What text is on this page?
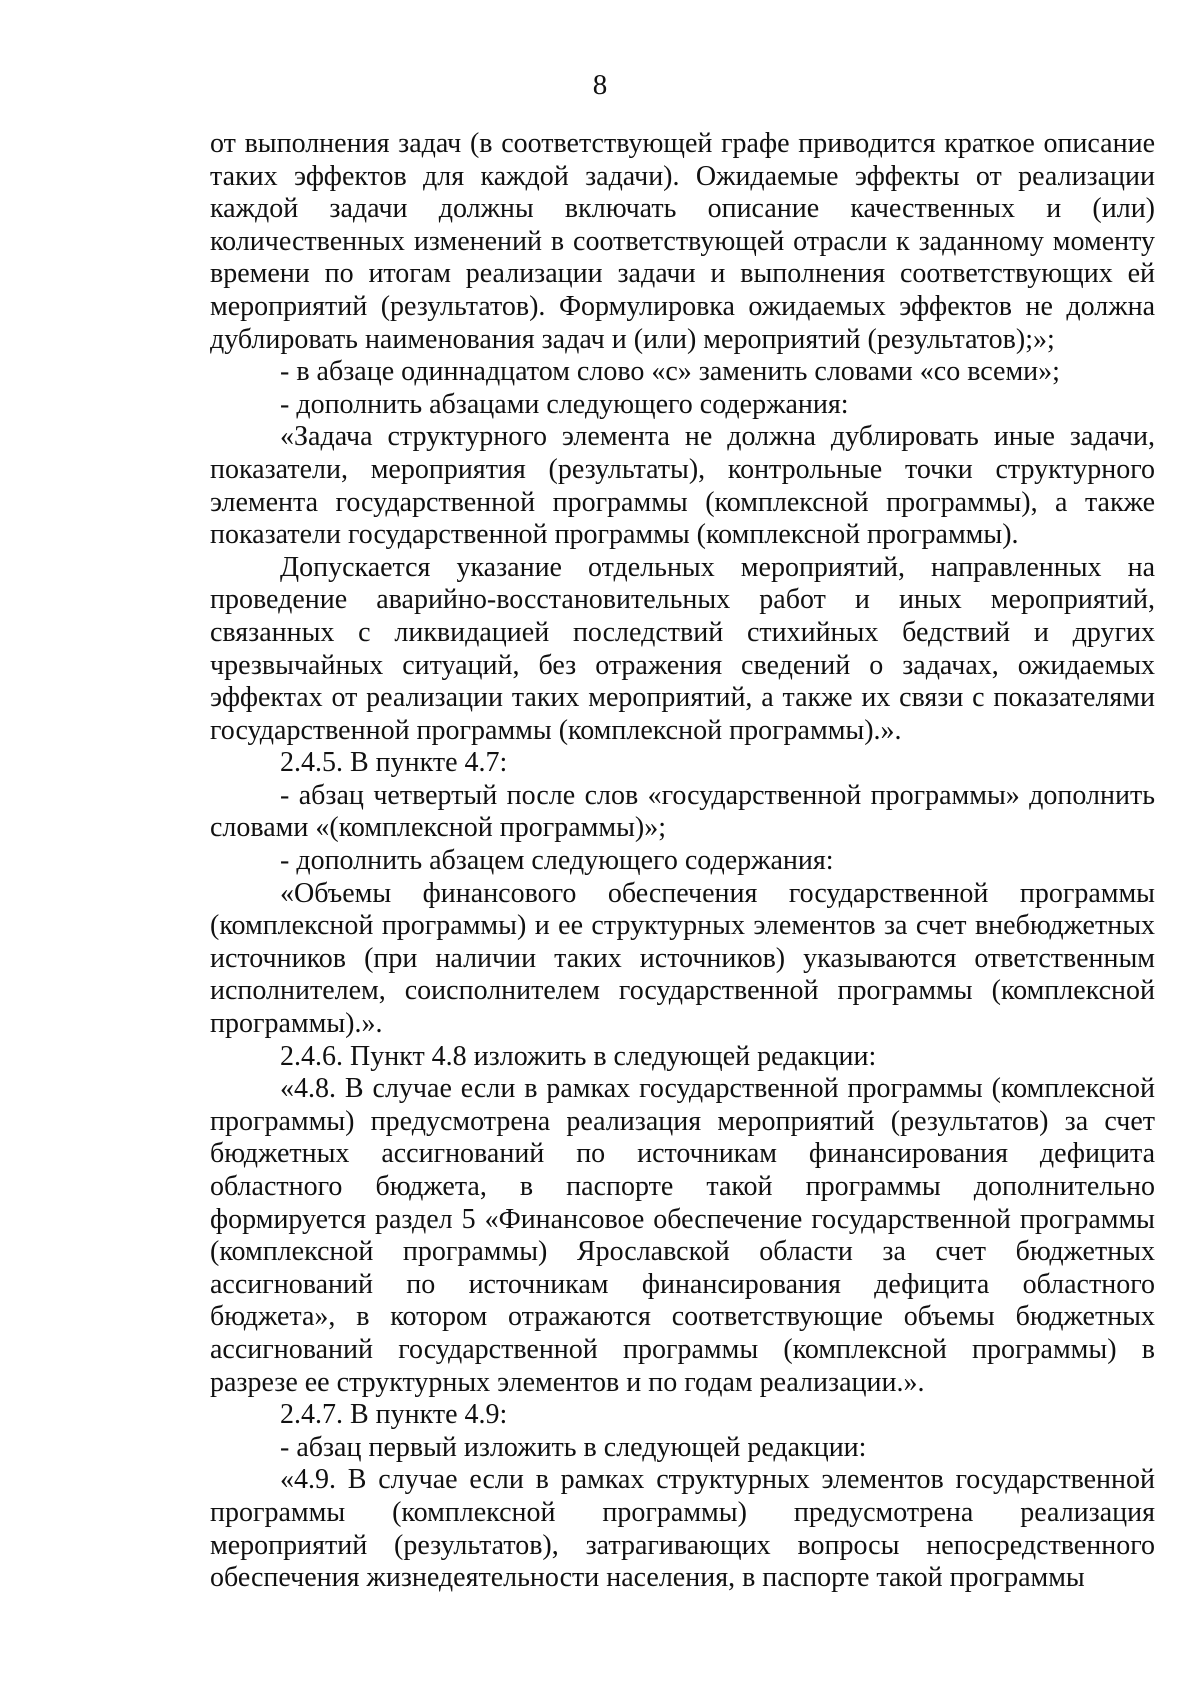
8

от выполнения задач (в соответствующей графе приводится краткое описание таких эффектов для каждой задачи). Ожидаемые эффекты от реализации каждой задачи должны включать описание качественных и (или) количественных изменений в соответствующей отрасли к заданному моменту времени по итогам реализации задачи и выполнения соответствующих ей мероприятий (результатов). Формулировка ожидаемых эффектов не должна дублировать наименования задач и (или) мероприятий (результатов);»;

- в абзаце одиннадцатом слово «с» заменить словами «со всеми»;

- дополнить абзацами следующего содержания:

«Задача структурного элемента не должна дублировать иные задачи, показатели, мероприятия (результаты), контрольные точки структурного элемента государственной программы (комплексной программы), а также показатели государственной программы (комплексной программы).

Допускается указание отдельных мероприятий, направленных на проведение аварийно-восстановительных работ и иных мероприятий, связанных с ликвидацией последствий стихийных бедствий и других чрезвычайных ситуаций, без отражения сведений о задачах, ожидаемых эффектах от реализации таких мероприятий, а также их связи с показателями государственной программы (комплексной программы).».

2.4.5. В пункте 4.7:

- абзац четвертый после слов «государственной программы» дополнить словами «(комплексной программы)»;

- дополнить абзацем следующего содержания:

«Объемы финансового обеспечения государственной программы (комплексной программы) и ее структурных элементов за счет внебюджетных источников (при наличии таких источников) указываются ответственным исполнителем, соисполнителем государственной программы (комплексной программы).».

2.4.6. Пункт 4.8 изложить в следующей редакции:

«4.8. В случае если в рамках государственной программы (комплексной программы) предусмотрена реализация мероприятий (результатов) за счет бюджетных ассигнований по источникам финансирования дефицита областного бюджета, в паспорте такой программы дополнительно формируется раздел 5 «Финансовое обеспечение государственной программы (комплексной программы) Ярославской области за счет бюджетных ассигнований по источникам финансирования дефицита областного бюджета», в котором отражаются соответствующие объемы бюджетных ассигнований государственной программы (комплексной программы) в разрезе ее структурных элементов и по годам реализации.».

2.4.7. В пункте 4.9:

- абзац первый изложить в следующей редакции:

«4.9. В случае если в рамках структурных элементов государственной программы (комплексной программы) предусмотрена реализация мероприятий (результатов), затрагивающих вопросы непосредственного обеспечения жизнедеятельности населения, в паспорте такой программы
